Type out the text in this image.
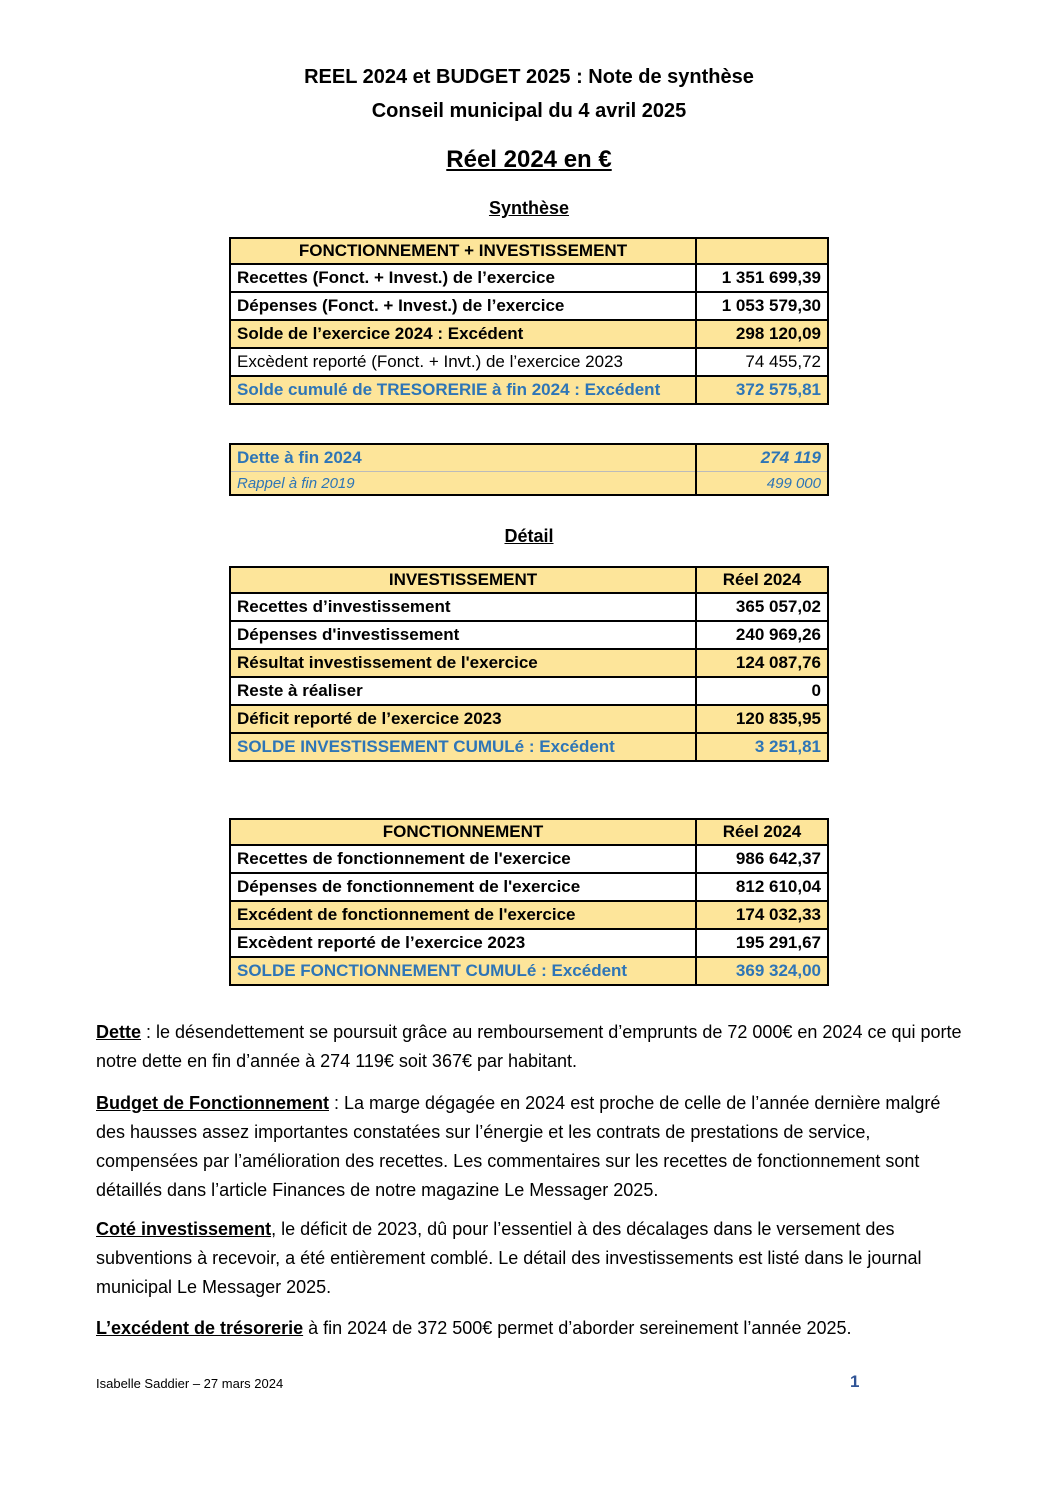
REEL 2024 et BUDGET 2025 : Note de synthèse
Conseil municipal du 4 avril 2025
Réel 2024 en €
Synthèse
FONCTIONNEMENT + INVESTISSEMENT	
Recettes (Fonct. + Invest.) de l’exercice	1 351 699,39
Dépenses (Fonct. + Invest.) de l’exercice	1 053 579,30
Solde de l’exercice 2024 : Excédent	298 120,09
Excèdent reporté (Fonct. + Invt.) de l’exercice 2023	74 455,72
Solde cumulé de TRESORERIE à fin 2024 : Excédent	372 575,81
Dette à fin 2024	274 119
Rappel à fin 2019	499 000
Détail
INVESTISSEMENT	Réel 2024
Recettes d’investissement	365 057,02
Dépenses d'investissement	240 969,26
Résultat investissement de l'exercice	124 087,76
Reste à réaliser	0
Déficit reporté de l’exercice 2023	120 835,95
SOLDE INVESTISSEMENT CUMULé : Excédent	3 251,81
FONCTIONNEMENT	Réel 2024
Recettes de fonctionnement de l'exercice	986 642,37
Dépenses de fonctionnement de l'exercice	812 610,04
Excédent de fonctionnement de l'exercice	174 032,33
Excèdent reporté de l’exercice 2023	195 291,67
SOLDE FONCTIONNEMENT CUMULé : Excédent	369 324,00
Dette : le désendettement se poursuit grâce au remboursement d’emprunts de 72 000€ en 2024 ce qui porte notre dette en fin d’année à 274 119€ soit 367€ par habitant.
Budget de Fonctionnement : La marge dégagée en 2024 est proche de celle de l’année dernière malgré des hausses assez importantes constatées sur l’énergie et les contrats de prestations de service, compensées par l’amélioration des recettes. Les commentaires sur les recettes de fonctionnement sont détaillés dans l’article Finances de notre magazine Le Messager 2025.
Coté investissement, le déficit de 2023, dû pour l’essentiel à des décalages dans le versement des subventions à recevoir, a été entièrement comblé. Le détail des investissements est listé dans le journal municipal Le Messager 2025.
L’excédent de trésorerie à fin 2024 de 372 500€ permet d’aborder sereinement l’année 2025.
Isabelle Saddier – 27 mars 2024	1
